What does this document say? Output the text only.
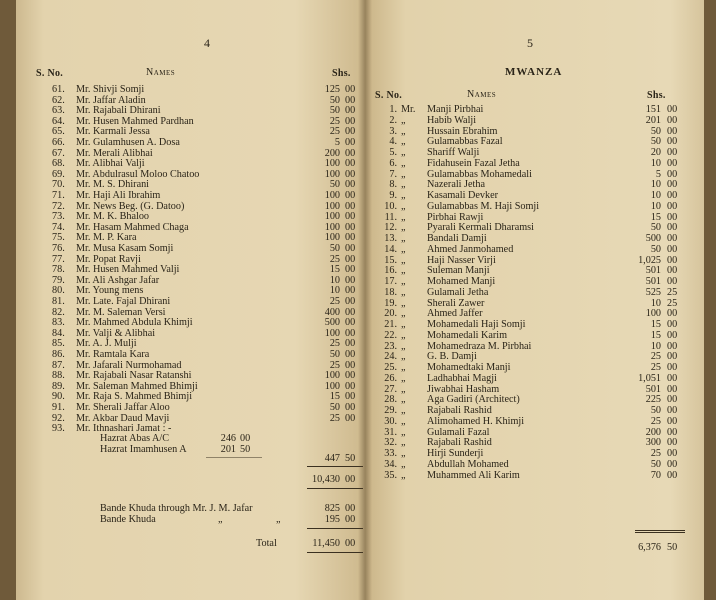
4
S. No.	Names	Shs.
61. Mr. Shivji Somji	125 00
62. Mr. Jaffar Aladin	50 00
63. Mr. Rajabali Dhirani	50 00
64. Mr. Husen Mahmed Pardhan	25 00
65. Mr. Karmali Jessa	25 00
66. Mr. Gulamhusen A. Dosa	5 00
67. Mr. Merali Alibhai	200 00
68. Mr. Alibhai Valji	100 00
69. Mr. Abdulrasul Moloo Chatoo	100 00
70. Mr. M. S. Dhirani	50 00
71. Mr. Haji Ali Ibrahim	100 00
72. Mr. News Beg. (G. Datoo)	100 00
73. Mr. M. K. Bhaloo	100 00
74. Mr. Hasam Mahmed Chaga	100 00
75. Mr. M. P. Kara	100 00
76. Mr. Musa Kasam Somji	50 00
77. Mr. Popat Ravji	25 00
78. Mr. Husen Mahmed Valji	15 00
79. Mr. Ali Ashgar Jafar	10 00
80. Mr. Young mens	10 00
81. Mr. Late. Fajal Dhirani	25 00
82. Mr. M. Saleman Versi	400 00
83. Mr. Mahmed Abdula Khimji	500 00
84. Mr. Valji & Alibhai	100 00
85. Mr. A. J. Mulji	25 00
86. Mr. Ramtala Kara	50 00
87. Mr. Jafarali Nurmohamad	25 00
88. Mr. Rajabali Nasar Ratanshi	100 00
89. Mr. Saleman Mahmed Bhimji	100 00
90. Mr. Raja S. Mahmed Bhimji	15 00
91. Mr. Sherali Jaffar Aloo	50 00
92. Mr. Akbar Daud Mavji	25 00
93. Mr. Ithnashari Jamat : -
Hazrat Abas A/C	246 00
Hazrat Imamhusen A	201 50
447 50
10,430 00
Bande Khuda through Mr. J. M. Jafar	825 00
Bande Khuda	„	„	195 00
Total	11,450 00
5
MWANZA
S. No.	Names	Shs.
1. Mr. Manji Pirbhai	151 00
2. „ Habib Walji	201 00
3. „ Hussain Ebrahim	50 00
4. „ Gulamabbas Fazal	50 00
5. „ Shariff Walji	20 00
6. „ Fidahusein Fazal Jetha	10 00
7. „ Gulamabbas Mohamedali	5 00
8. „ Nazerali Jetha	10 00
9. „ Kasamali Devker	10 00
10. „ Gulamabbas M. Haji Somji	10 00
11. „ Pirbhai Rawji	15 00
12. „ Pyarali Kermali Dharamsi	50 00
13. „ Bandali Damji	500 00
14. „ Ahmed Janmohamed	50 00
15. „ Haji Nasser Virji	1,025 00
16. „ Suleman Manji	501 00
17. „ Mohamed Manji	501 00
18. „ Gulamali Jetha	525 25
19. „ Sherali Zawer	10 25
20. „ Ahmed Jaffer	100 00
21. „ Mohamedali Haji Somji	15 00
22. „ Mohamedali Karim	15 00
23. „ Mohamedraza M. Pirbhai	10 00
24. „ G. B. Damji	25 00
25. „ Mohamedtaki Manji	25 00
26. „ Ladhabhai Magji	1,051 00
27. „ Jiwabhai Hasham	501 00
28. „ Aga Gadiri (Architect)	225 00
29. „ Rajabali Rashid	50 00
30. „ Alimohamed H. Khimji	25 00
31. „ Gulamali Fazal	200 00
32. „ Rajabali Rashid	300 00
33. „ Hirji Sunderji	25 00
34. „ Abdullah Mohamed	50 00
35. „ Muhammed Ali Karim	70 00
6,376 50
